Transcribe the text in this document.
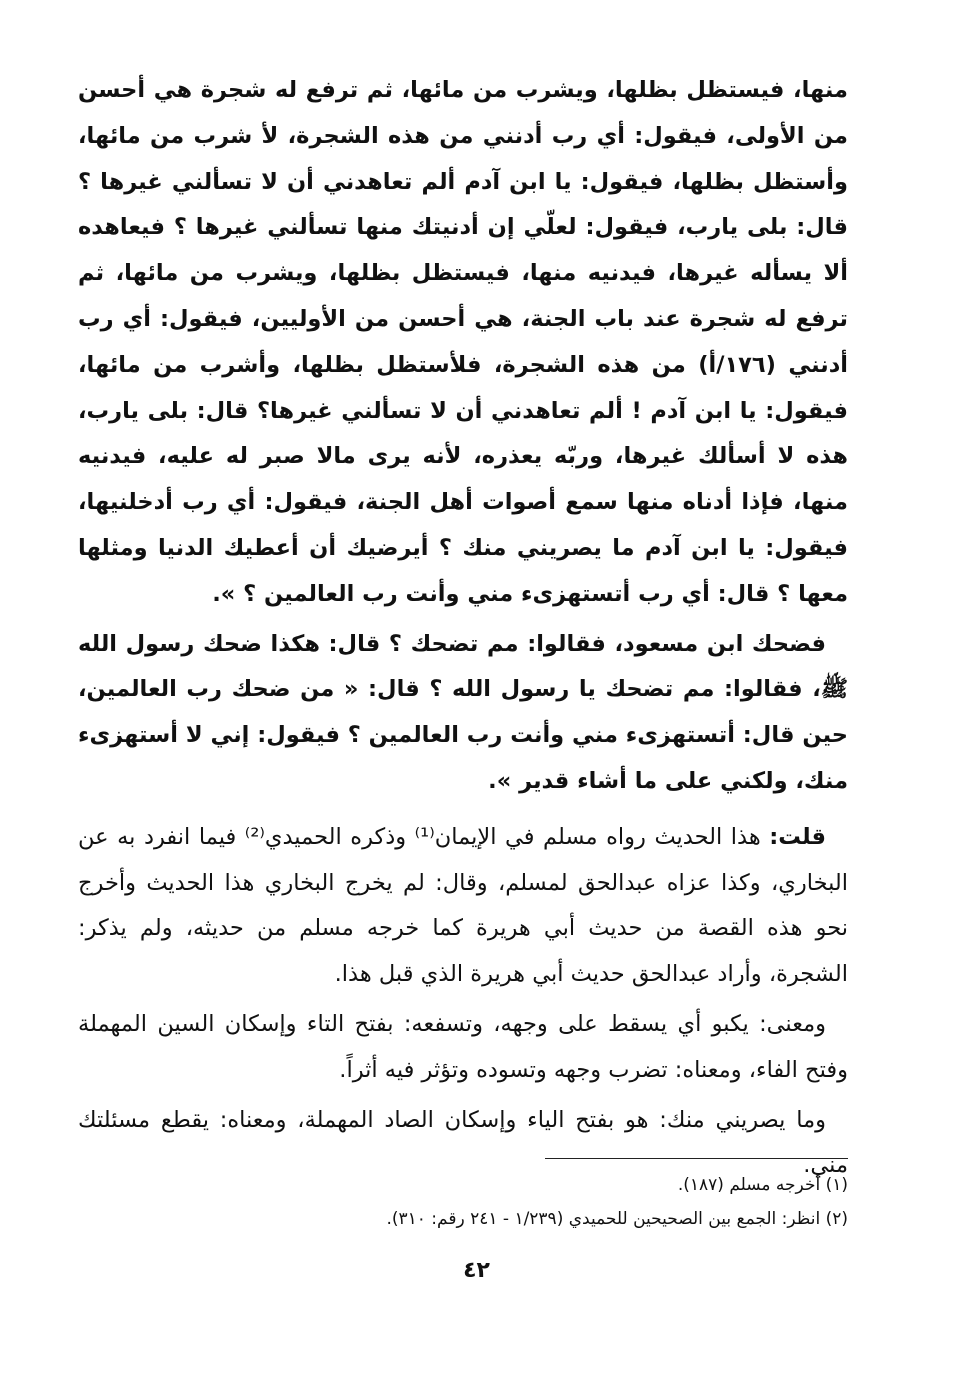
منها، فيستظل بظلها، ويشرب من مائها، ثم ترفع له شجرة هي أحسن من الأولى، فيقول: أي رب أدنني من هذه الشجرة، لأ شرب من مائها، وأستظل بظلها، فيقول: يا ابن آدم ألم تعاهدني أن لا تسألني غيرها ؟ قال: بلى يارب، فيقول: لعلّي إن أدنيتك منها تسألني غيرها ؟ فيعاهده ألا يسأله غيرها، فيدنيه منها، فيستظل بظلها، ويشرب من مائها، ثم ترفع له شجرة عند باب الجنة، هي أحسن من الأوليين، فيقول: أي رب أدنني (١٧٦/أ) من هذه الشجرة، فلأستظل بظلها، وأشرب من مائها، فيقول: يا ابن آدم ! ألم تعاهدني أن لا تسألني غيرها؟ قال: بلى يارب، هذه لا أسألك غيرها، وربّه يعذره، لأنه يرى مالا صبر له عليه، فيدنيه منها، فإذا أدناه منها سمع أصوات أهل الجنة، فيقول: أي رب أدخلنيها، فيقول: يا ابن آدم ما يصريني منك ؟ أيرضيك أن أعطيك الدنيا ومثلها معها ؟ قال: أي رب أتستهزىء مني وأنت رب العالمين ؟ ».

فضحك ابن مسعود، فقالوا: مم تضحك ؟ قال: هكذا ضحك رسول الله ﷺ، فقالوا: مم تضحك يا رسول الله ؟ قال: « من ضحك رب العالمين، حين قال: أتستهزىء مني وأنت رب العالمين ؟ فيقول: إني لا أستهزىء منك، ولكني على ما أشاء قدير ».

قلت: هذا الحديث رواه مسلم في الإيمان⁽¹⁾ وذكره الحميدي⁽²⁾ فيما انفرد به عن البخاري، وكذا عزاه عبدالحق لمسلم، وقال: لم يخرج البخاري هذا الحديث وأخرج نحو هذه القصة من حديث أبي هريرة كما خرجه مسلم من حديثه، ولم يذكر: الشجرة، وأراد عبدالحق حديث أبي هريرة الذي قبل هذا.

ومعنى: يكبو أي يسقط على وجهه، وتسفعه: بفتح التاء وإسكان السين المهملة وفتح الفاء، ومعناه: تضرب وجهه وتسوده وتؤثر فيه أثراً.

وما يصريني منك: هو بفتح الياء وإسكان الصاد المهملة، ومعناه: يقطع مسئلتك مني.

(١) أخرجه مسلم (١٨٧).

(٢) انظر: الجمع بين الصحيحين للحميدي (١/٢٣٩ - ٢٤١ رقم: ٣١٠).

٤٢
